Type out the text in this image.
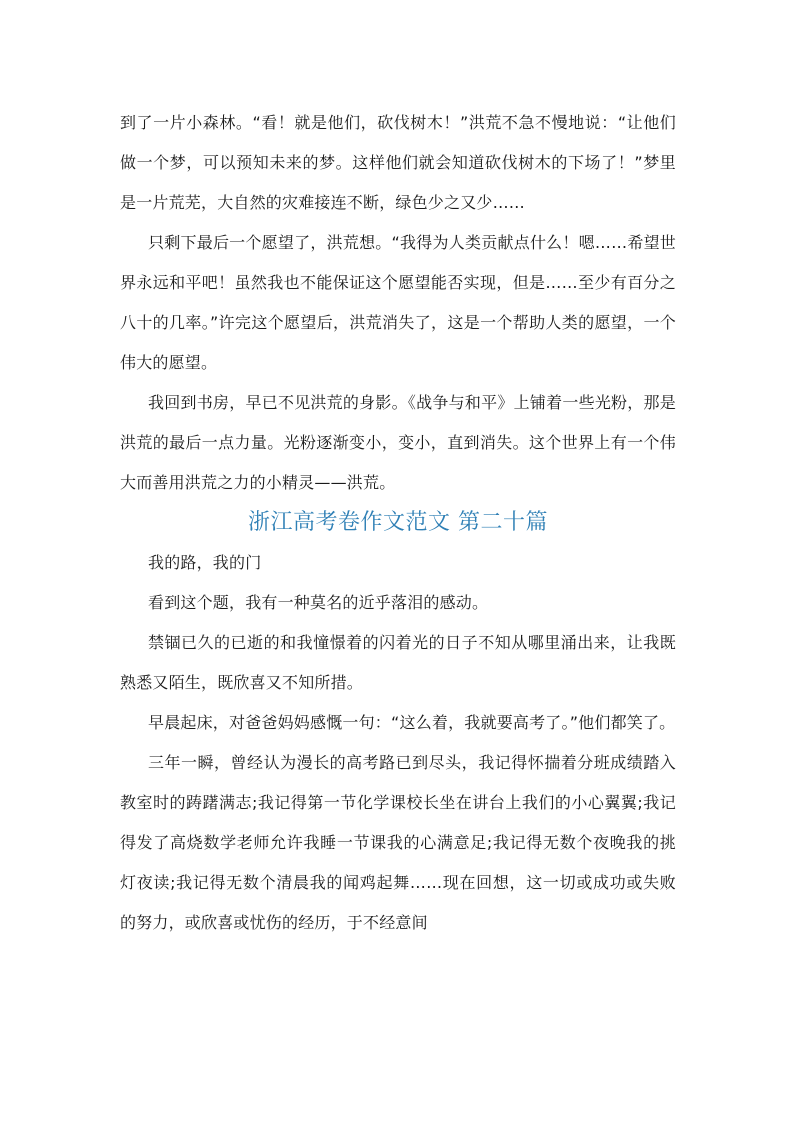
到了一片小森林。“看！就是他们，砍伐树木！”洪荒不急不慢地说：“让他们做一个梦，可以预知未来的梦。这样他们就会知道砍伐树木的下场了！”梦里是一片荒芜，大自然的灾难接连不断，绿色少之又少……

只剩下最后一个愿望了，洪荒想。“我得为人类贡献点什么！嗯……希望世界永远和平吧！虽然我也不能保证这个愿望能否实现，但是……至少有百分之八十的几率。”许完这个愿望后，洪荒消失了，这是一个帮助人类的愿望，一个伟大的愿望。

我回到书房，早已不见洪荒的身影。《战争与和平》上铺着一些光粉，那是洪荒的最后一点力量。光粉逐渐变小，变小，直到消失。这个世界上有一个伟大而善用洪荒之力的小精灵——洪荒。

浙江高考卷作文范文 第二十篇

我的路，我的门

看到这个题，我有一种莫名的近乎落泪的感动。

禁锢已久的已逝的和我憧憬着的闪着光的日子不知从哪里涌出来，让我既熟悉又陌生，既欣喜又不知所措。

早晨起床，对爸爸妈妈感慨一句：“这么着，我就要高考了。”他们都笑了。

三年一瞬，曾经认为漫长的高考路已到尽头，我记得怀揣着分班成绩踏入教室时的踌躇满志;我记得第一节化学课校长坐在讲台上我们的小心翼翼;我记得发了高烧数学老师允许我睡一节课我的心满意足;我记得无数个夜晚我的挑灯夜读;我记得无数个清晨我的闻鸡起舞……现在回想，这一切或成功或失败的努力，或欣喜或忧伤的经历，于不经意间
